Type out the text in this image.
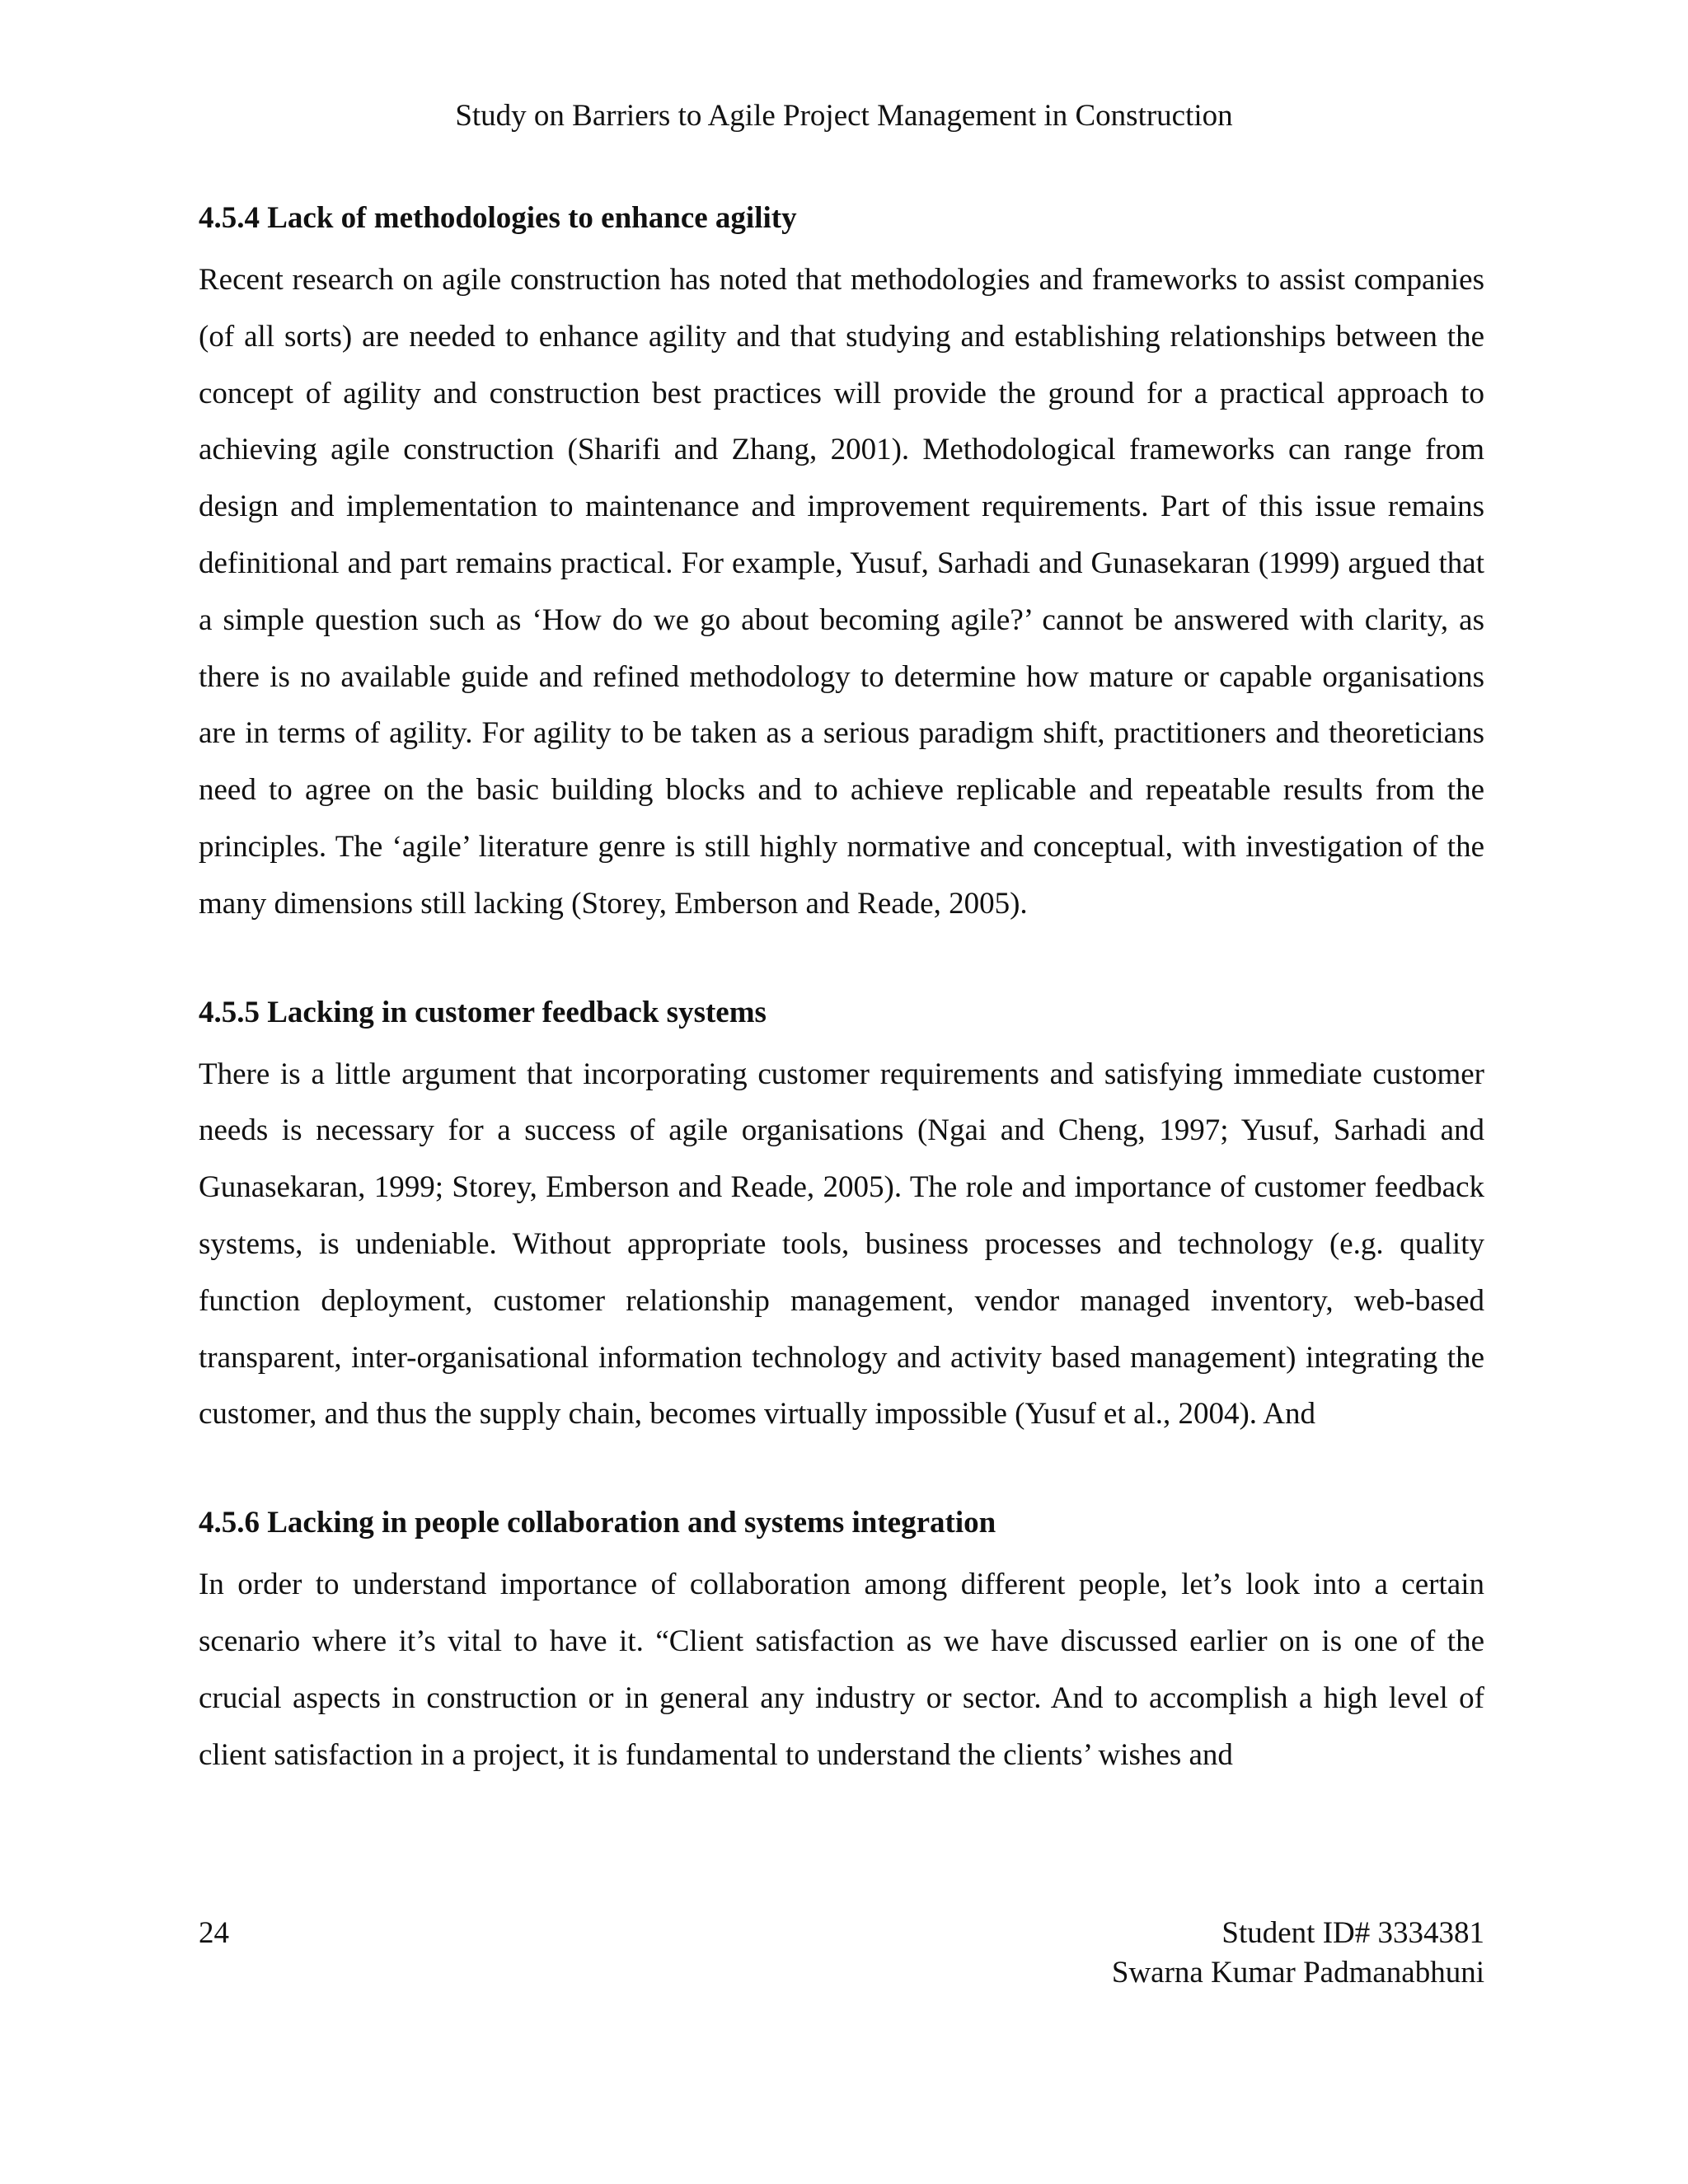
Study on Barriers to Agile Project Management in Construction
4.5.4 Lack of methodologies to enhance agility

Recent research on agile construction has noted that methodologies and frameworks to assist companies (of all sorts) are needed to enhance agility and that studying and establishing relationships between the concept of agility and construction best practices will provide the ground for a practical approach to achieving agile construction (Sharifi and Zhang, 2001). Methodological frameworks can range from design and implementation to maintenance and improvement requirements. Part of this issue remains definitional and part remains practical. For example, Yusuf, Sarhadi and Gunasekaran (1999) argued that a simple question such as ‘How do we go about becoming agile?’ cannot be answered with clarity, as there is no available guide and refined methodology to determine how mature or capable organisations are in terms of agility. For agility to be taken as a serious paradigm shift, practitioners and theoreticians need to agree on the basic building blocks and to achieve replicable and repeatable results from the principles. The ‘agile’ literature genre is still highly normative and conceptual, with investigation of the many dimensions still lacking (Storey, Emberson and Reade, 2005).

4.5.5 Lacking in customer feedback systems

There is a little argument that incorporating customer requirements and satisfying immediate customer needs is necessary for a success of agile organisations (Ngai and Cheng, 1997; Yusuf, Sarhadi and Gunasekaran, 1999; Storey, Emberson and Reade, 2005). The role and importance of customer feedback systems, is undeniable. Without appropriate tools, business processes and technology (e.g. quality function deployment, customer relationship management, vendor managed inventory, web-based transparent, inter-organisational information technology and activity based management) integrating the customer, and thus the supply chain, becomes virtually impossible (Yusuf et al., 2004). And

4.5.6 Lacking in people collaboration and systems integration

In order to understand importance of collaboration among different people, let’s look into a certain scenario where it’s vital to have it. “Client satisfaction as we have discussed earlier on is one of the crucial aspects in construction or in general any industry or sector. And to accomplish a high level of client satisfaction in a project, it is fundamental to understand the clients’ wishes and

24	Student ID# 3334381
Swarna Kumar Padmanabhuni
